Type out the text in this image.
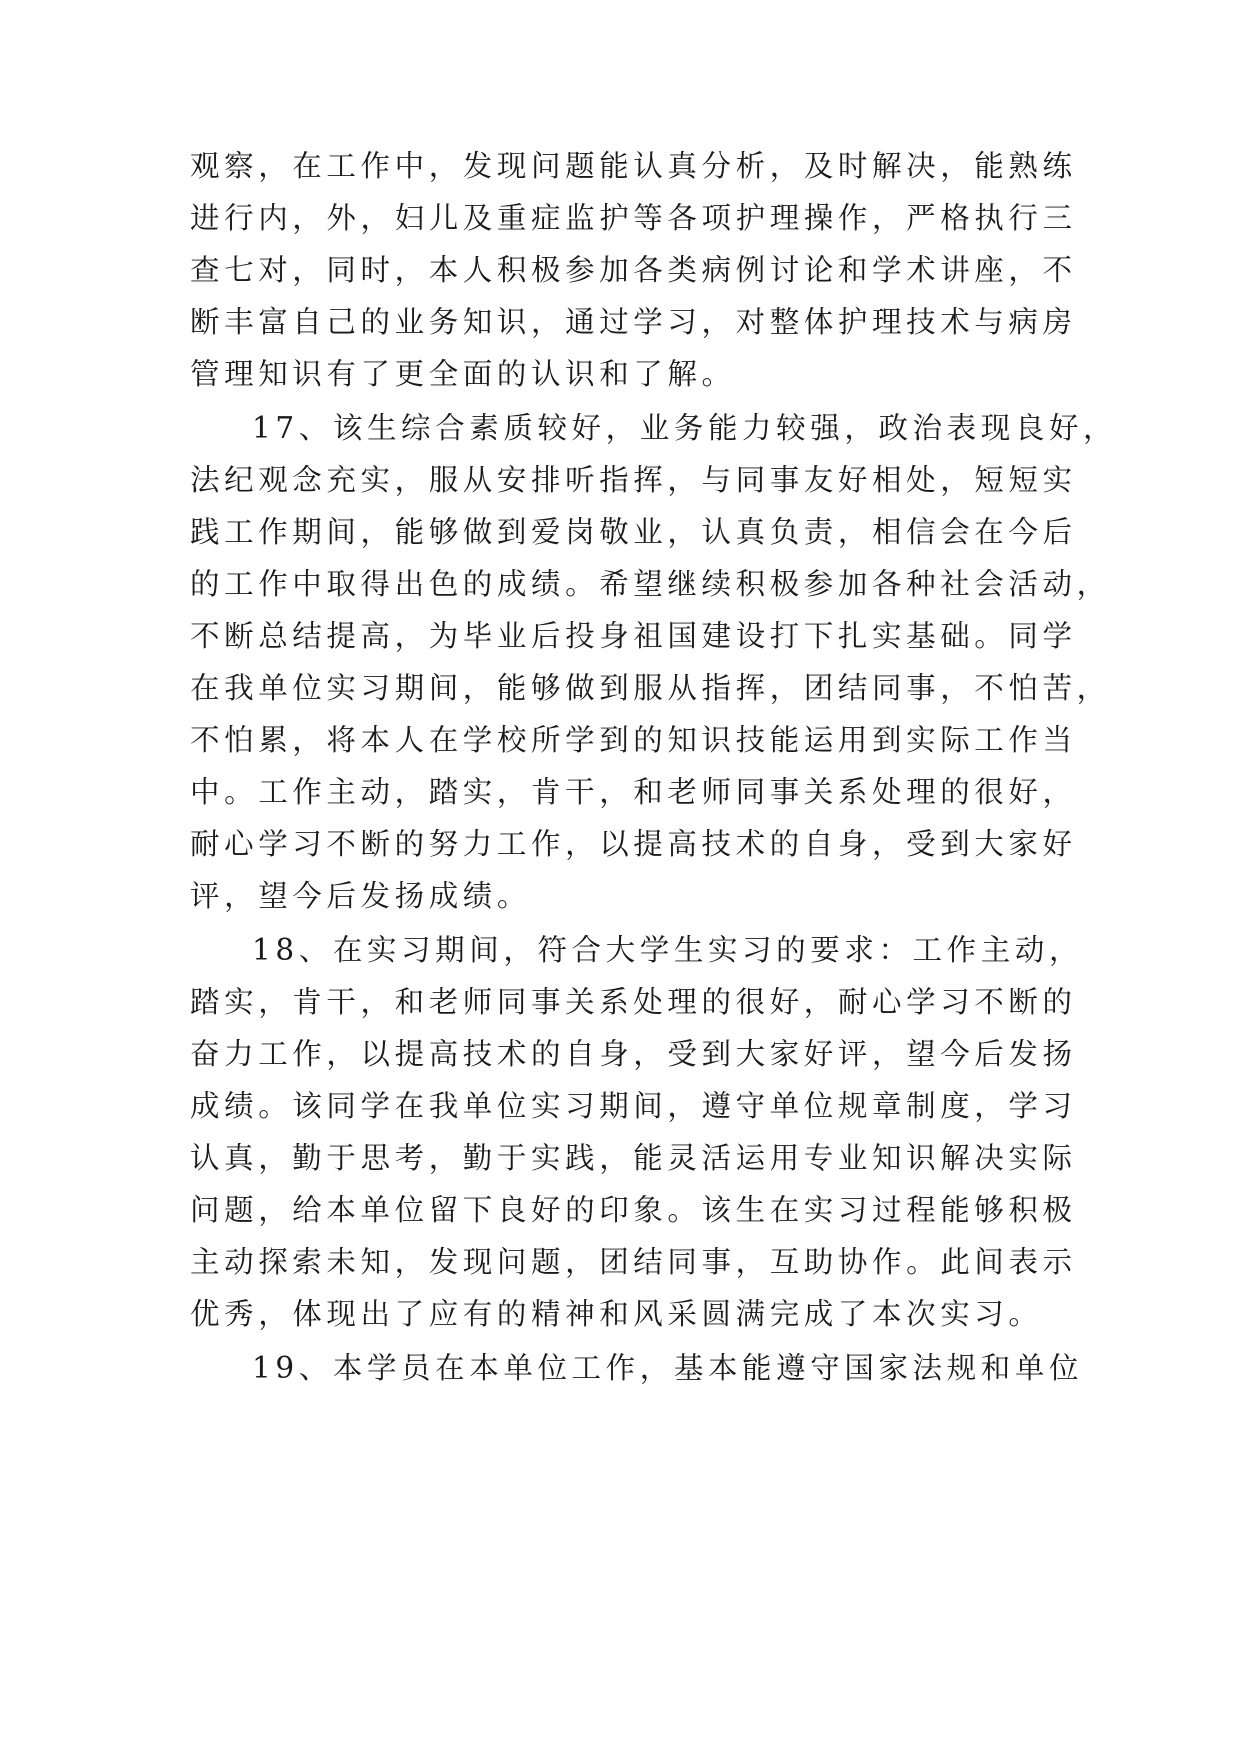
观察，在工作中，发现问题能认真分析，及时解决，能熟练
进行内，外，妇儿及重症监护等各项护理操作，严格执行三
查七对，同时，本人积极参加各类病例讨论和学术讲座，不
断丰富自己的业务知识，通过学习，对整体护理技术与病房
管理知识有了更全面的认识和了解。
17、该生综合素质较好，业务能力较强，政治表现良好，
法纪观念充实，服从安排听指挥，与同事友好相处，短短实
践工作期间，能够做到爱岗敬业，认真负责，相信会在今后
的工作中取得出色的成绩。希望继续积极参加各种社会活动，
不断总结提高，为毕业后投身祖国建设打下扎实基础。同学
在我单位实习期间，能够做到服从指挥，团结同事，不怕苦，
不怕累，将本人在学校所学到的知识技能运用到实际工作当
中。工作主动，踏实，肯干，和老师同事关系处理的很好，
耐心学习不断的努力工作，以提高技术的自身，受到大家好
评，望今后发扬成绩。
18、在实习期间，符合大学生实习的要求：工作主动，
踏实，肯干，和老师同事关系处理的很好，耐心学习不断的
奋力工作，以提高技术的自身，受到大家好评，望今后发扬
成绩。该同学在我单位实习期间，遵守单位规章制度，学习
认真，勤于思考，勤于实践，能灵活运用专业知识解决实际
问题，给本单位留下良好的印象。该生在实习过程能够积极
主动探索未知，发现问题，团结同事，互助协作。此间表示
优秀，体现出了应有的精神和风采圆满完成了本次实习。
19、本学员在本单位工作，基本能遵守国家法规和单位
